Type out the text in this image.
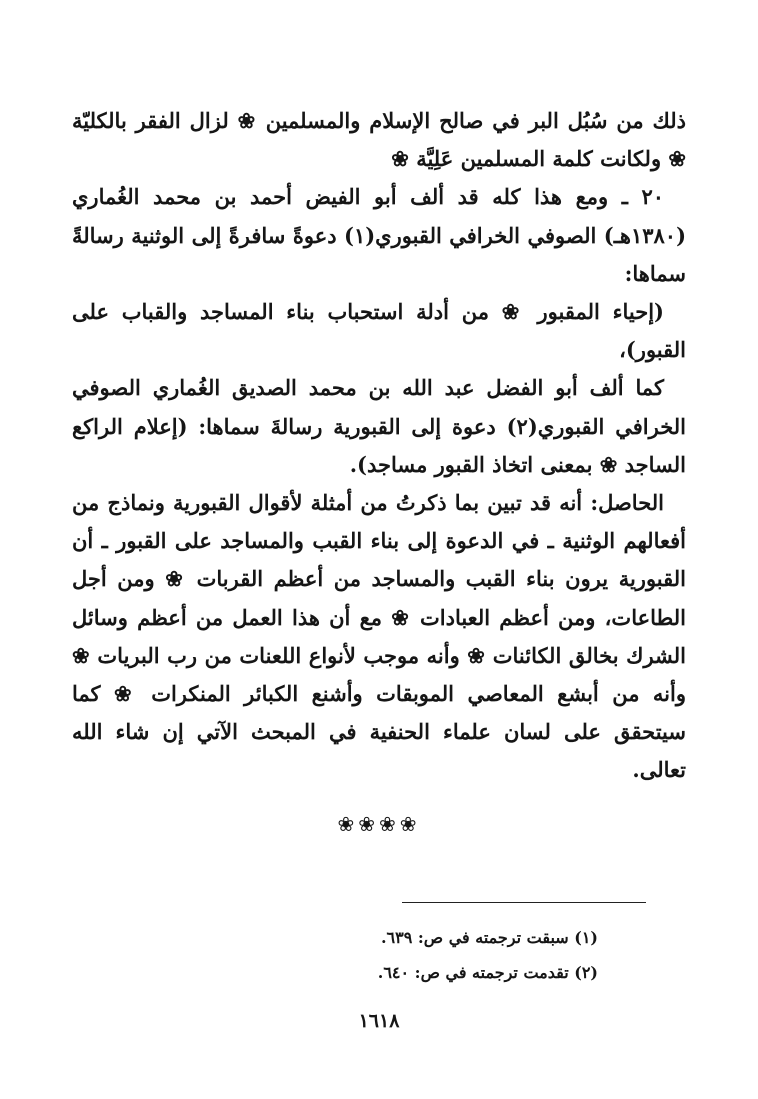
ذلك من سُبُل البر في صالح الإسلام والمسلمين ❀ لزال الفقر بالكليّة ❀ ولكانت كلمة المسلمين عَلِيَّة ❀

٢٠ ـ ومع هذا كله قد ألف أبو الفيض أحمد بن محمد الغُماري (١٣٨٠هـ) الصوفي الخرافي القبوري(١) دعوةً سافرةً إلى الوثنية رسالةً سماها:

(إحياء المقبور ❀ من أدلة استحباب بناء المساجد والقباب على القبور)،

كما ألف أبو الفضل عبد الله بن محمد الصديق الغُماري الصوفي الخرافي القبوري(٢) دعوة إلى القبورية رسالةَ سماها: (إعلام الراكع الساجد ❀ بمعنى اتخاذ القبور مساجد).

الحاصل: أنه قد تبين بما ذكرتُ من أمثلة لأقوال القبورية ونماذج من أفعالهم الوثنية ـ في الدعوة إلى بناء القبب والمساجد على القبور ـ أن القبورية يرون بناء القبب والمساجد من أعظم القربات ❀ ومن أجل الطاعات، ومن أعظم العبادات ❀ مع أن هذا العمل من أعظم وسائل الشرك بخالق الكائنات ❀ وأنه موجب لأنواع اللعنات من رب البريات ❀ وأنه من أبشع المعاصي الموبقات وأشنع الكبائر المنكرات ❀ كما سيتحقق على لسان علماء الحنفية في المبحث الآتي إن شاء الله تعالى.

❀❀❀❀
(١) سبقت ترجمته في ص: ٦٣٩.
(٢) تقدمت ترجمته في ص: ٦٤٠.
١٦١٨
